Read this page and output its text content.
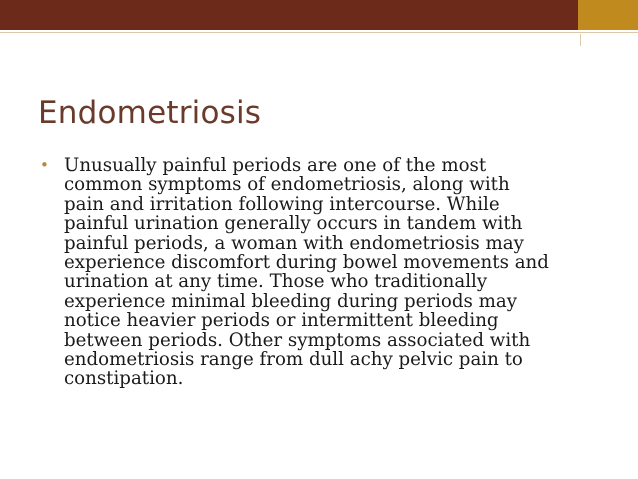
Endometriosis
• Unusually painful periods are one of the most
common symptoms of endometriosis, along with
pain and irritation following intercourse. While
painful urination generally occurs in tandem with
painful periods, a woman with endometriosis may
experience discomfort during bowel movements and
urination at any time. Those who traditionally
experience minimal bleeding during periods may
notice heavier periods or intermittent bleeding
between periods. Other symptoms associated with
endometriosis range from dull achy pelvic pain to
constipation.
